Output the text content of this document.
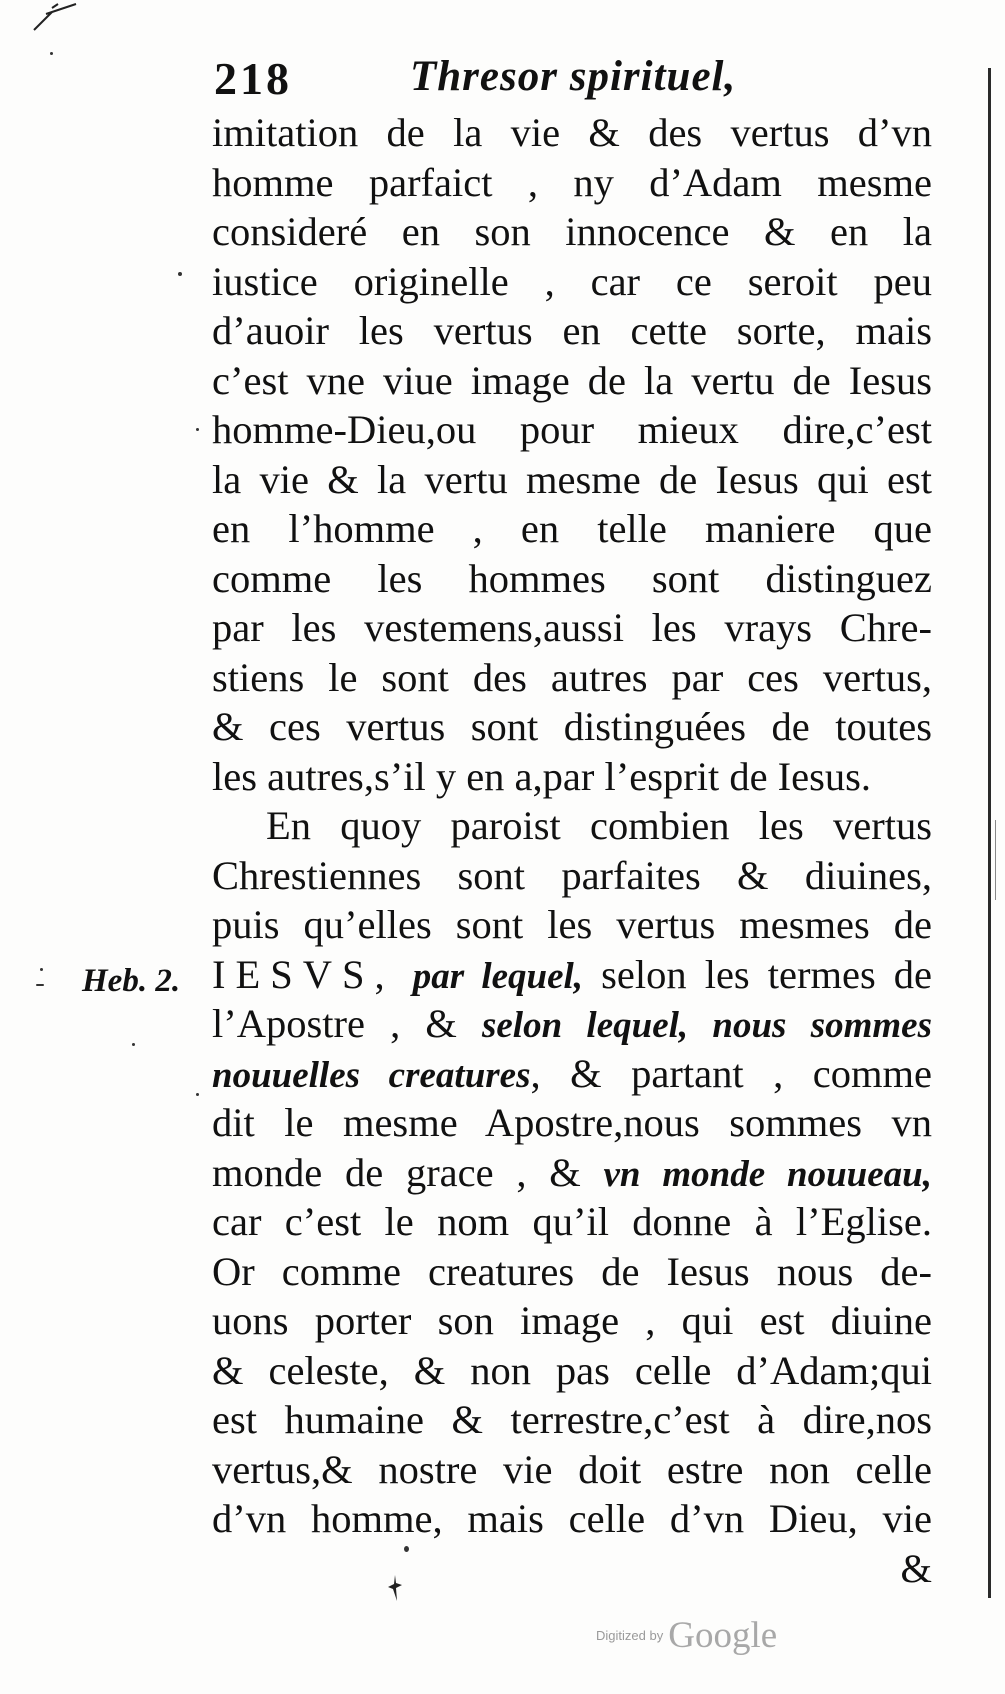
218	Thresor spirituel,
Heb. 2.
imitation de la vie & des vertus d’vn
homme parfaict , ny d’Adam mesme
consideré en son innocence & en la
iustice originelle , car ce seroit peu
d’auoir les vertus en cette sorte, mais
c’est vne viue image de la vertu de Iesus
homme-Dieu,ou pour mieux dire,c’est
la vie & la vertu mesme de Iesus qui est
en l’homme , en telle maniere que
comme les hommes sont distinguez
par les vestemens,aussi les vrays Chre-
stiens le sont des autres par ces vertus,
& ces vertus sont distinguées de toutes
les autres,s’il y en a,par l’esprit de Iesus.
En quoy paroist combien les vertus
Chrestiennes sont parfaites & diuines,
puis qu’elles sont les vertus mesmes de
IESVS, par lequel, selon les termes de
l’Apostre , & selon lequel, nous sommes
nouuelles creatures, & partant , comme
dit le mesme Apostre,nous sommes vn
monde de grace , & vn monde nouueau,
car c’est le nom qu’il donne à l’Eglise.
Or comme creatures de Iesus nous de-
uons porter son image , qui est diuine
& celeste, & non pas celle d’Adam;qui
est humaine & terrestre,c’est à dire,nos
vertus,& nostre vie doit estre non celle
d’vn homme, mais celle d’vn Dieu, vie
&
Digitized by Google
